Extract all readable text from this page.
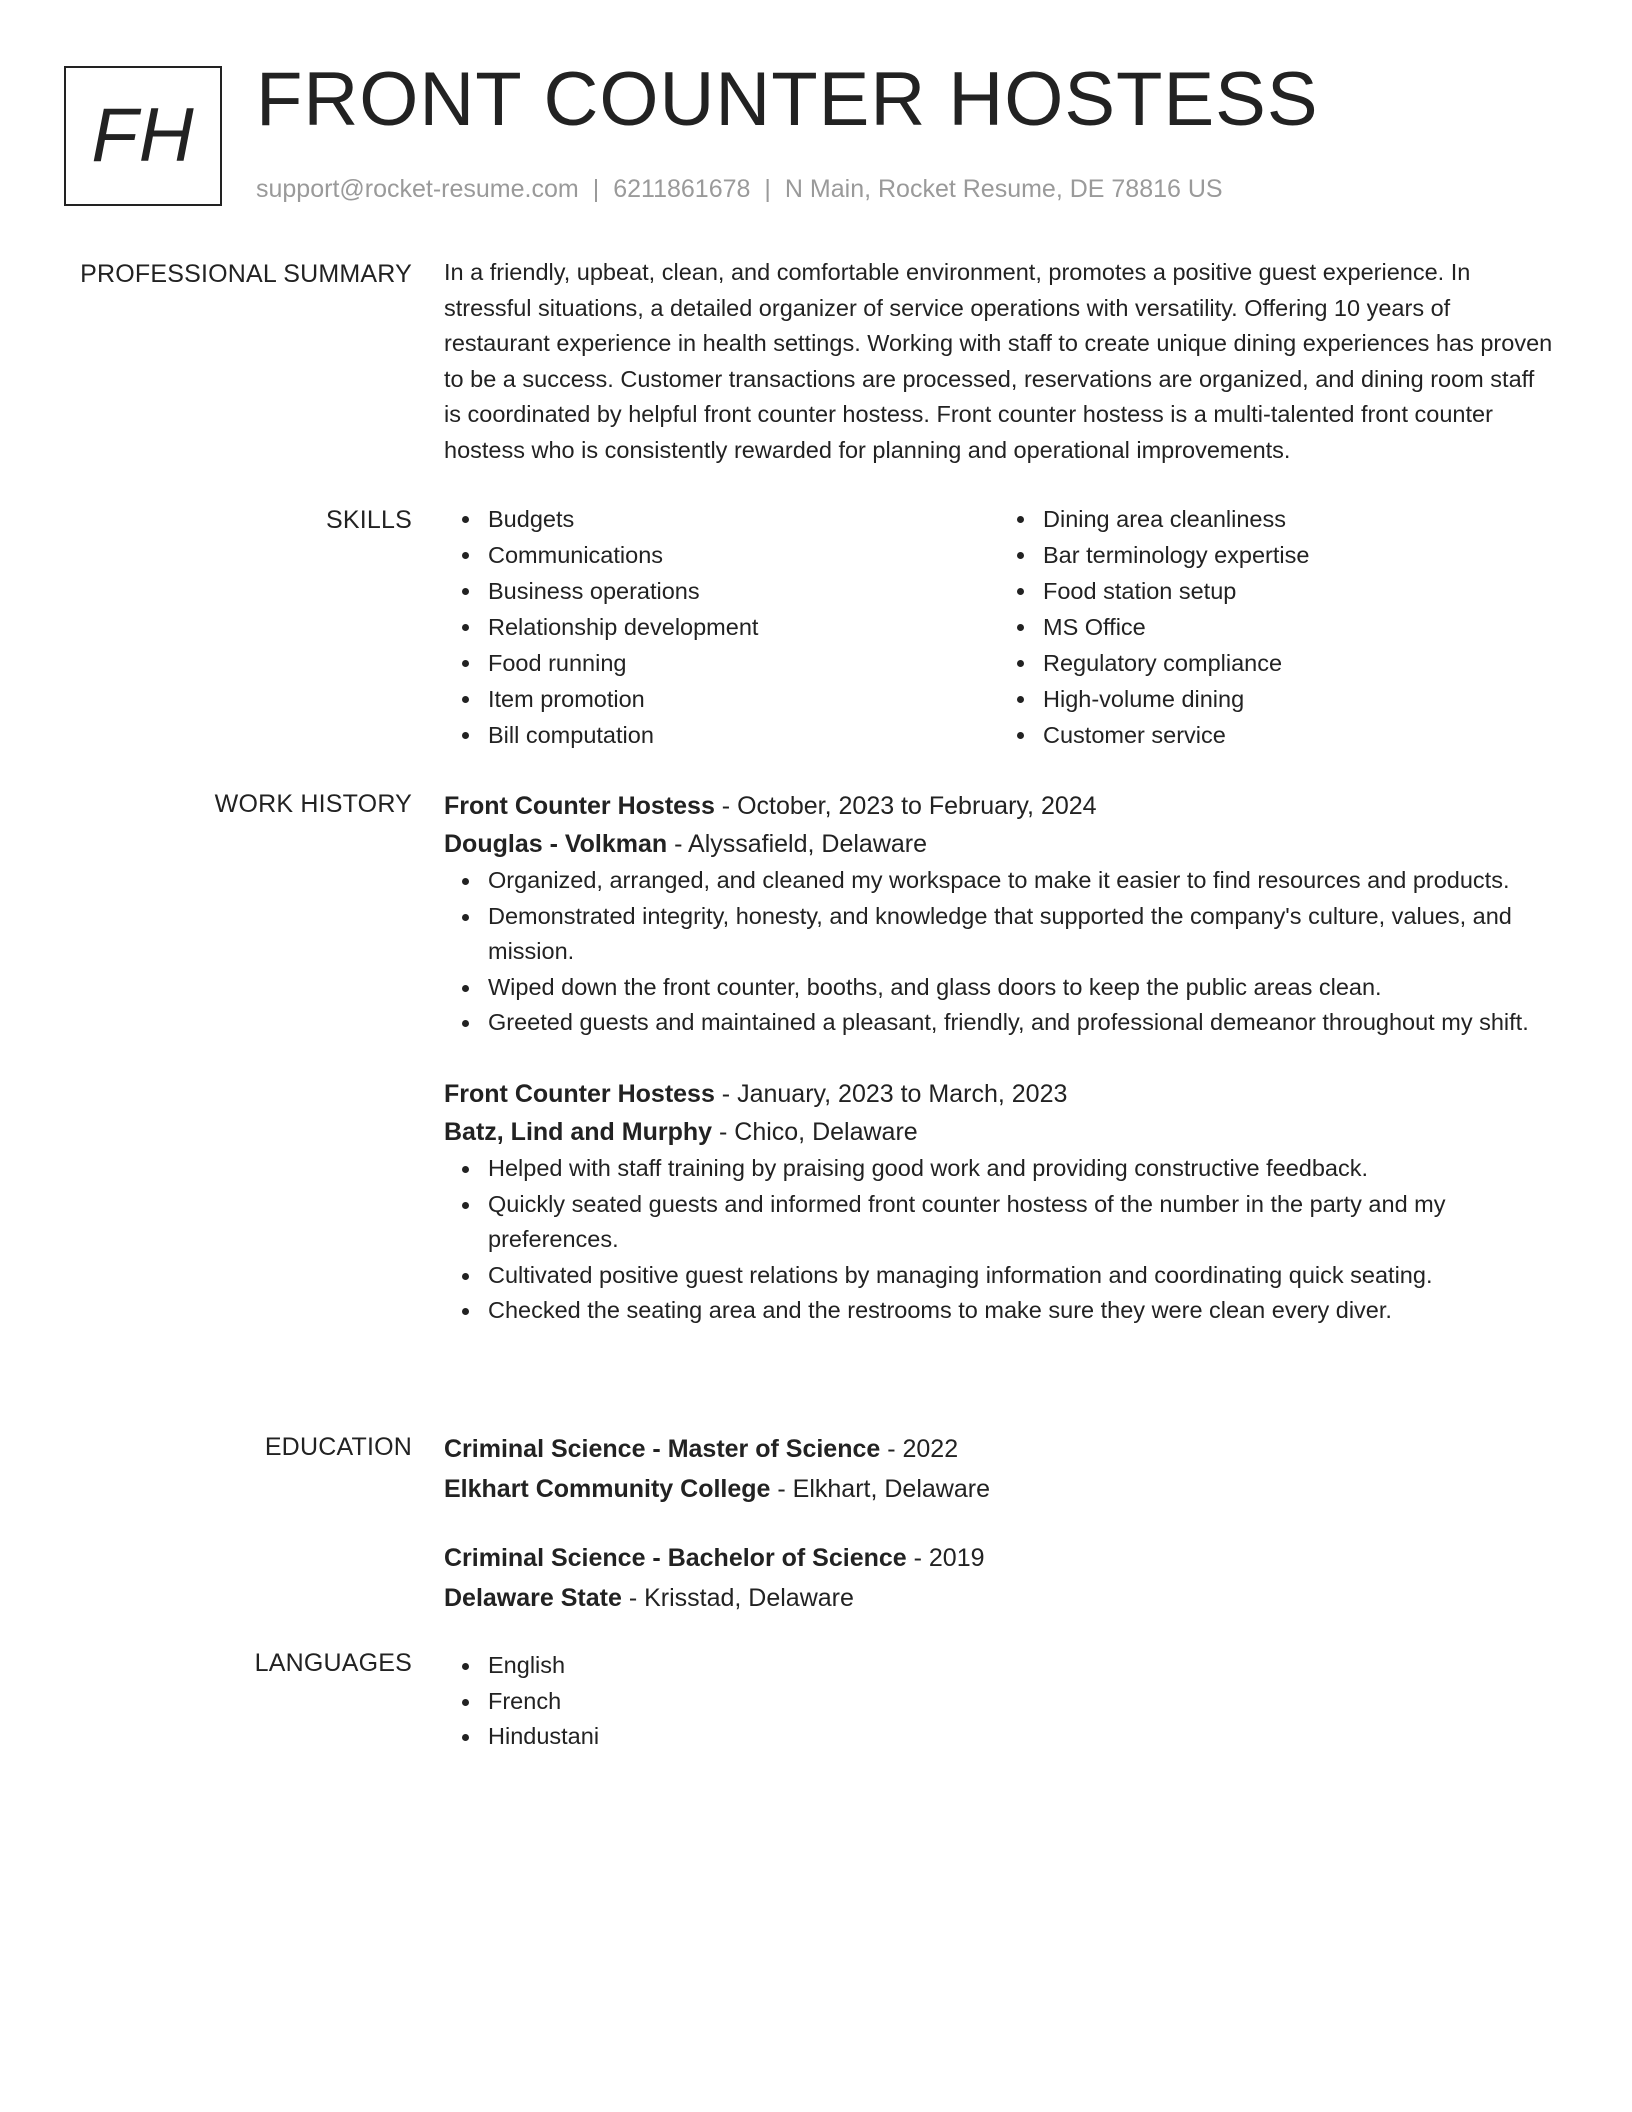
FH FRONT COUNTER HOSTESS
support@rocket-resume.com | 6211861678 | N Main, Rocket Resume, DE 78816 US
PROFESSIONAL SUMMARY In a friendly, upbeat, clean, and comfortable environment, promotes a positive guest experience. In stressful situations, a detailed organizer of service operations with versatility. Offering 10 years of restaurant experience in health settings. Working with staff to create unique dining experiences has proven to be a success. Customer transactions are processed, reservations are organized, and dining room staff is coordinated by helpful front counter hostess. Front counter hostess is a multi-talented front counter hostess who is consistently rewarded for planning and operational improvements.

SKILLS	Budgets
Communications
Business operations
Relationship development
Food running
Item promotion
Bill computation
Dining area cleanliness
Bar terminology expertise
Food station setup
MS Office
Regulatory compliance
High-volume dining
Customer service
WORK HISTORY Front Counter Hostess - October, 2023 to February, 2024
Douglas - Volkman - Alyssafield, Delaware
Organized, arranged, and cleaned my workspace to make it easier to find resources and products.
Demonstrated integrity, honesty, and knowledge that supported the company's culture, values, and mission.
Wiped down the front counter, booths, and glass doors to keep the public areas clean.
Greeted guests and maintained a pleasant, friendly, and professional demeanor throughout my shift.
Front Counter Hostess - January, 2023 to March, 2023
Batz, Lind and Murphy - Chico, Delaware
Helped with staff training by praising good work and providing constructive feedback.
Quickly seated guests and informed front counter hostess of the number in the party and my preferences.
Cultivated positive guest relations by managing information and coordinating quick seating.
Checked the seating area and the restrooms to make sure they were clean every diver.
EDUCATION Criminal Science - Master of Science - 2022
Elkhart Community College - Elkhart, Delaware
Criminal Science - Bachelor of Science - 2019
Delaware State - Krisstad, Delaware
LANGUAGES	English
French
Hindustani
